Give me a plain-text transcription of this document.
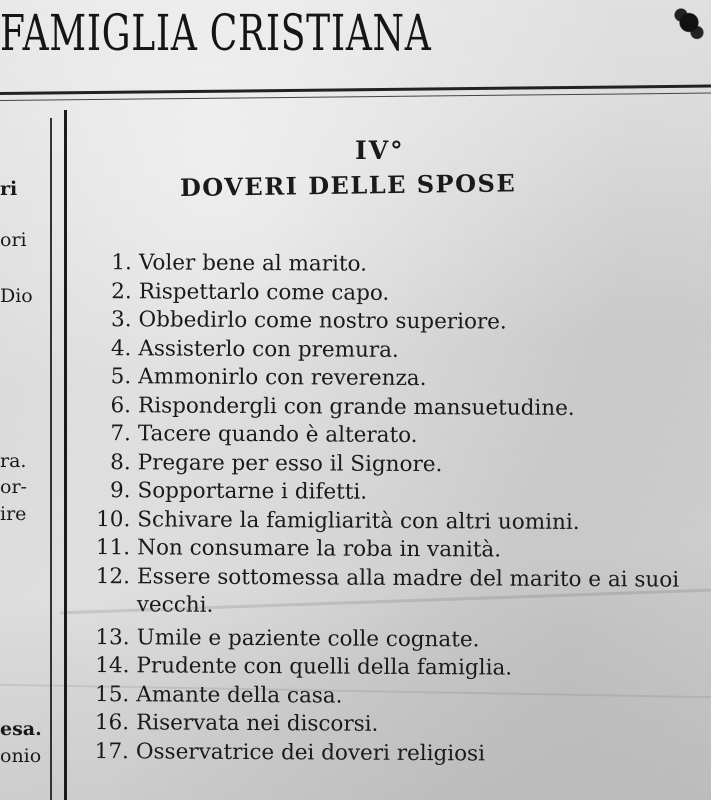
FAMIGLIA CRISTIANA
ri
ori
Dio
ra.
or-
ire
esa.
onio
IV°
DOVERI DELLE SPOSE
1. Voler bene al marito.
2. Rispettarlo come capo.
3. Obbedirlo come nostro superiore.
4. Assisterlo con premura.
5. Ammonirlo con reverenza.
6. Rispondergli con grande mansuetudine.
7. Tacere quando è alterato.
8. Pregare per esso il Signore.
9. Sopportarne i difetti.
10. Schivare la famigliarità con altri uomini.
11. Non consumare la roba in vanità.
12. Essere sottomessa alla madre del marito e ai suoi vecchi.
13. Umile e paziente colle cognate.
14. Prudente con quelli della famiglia.
15. Amante della casa.
16. Riservata nei discorsi.
17. Osservatrice dei doveri religiosi
